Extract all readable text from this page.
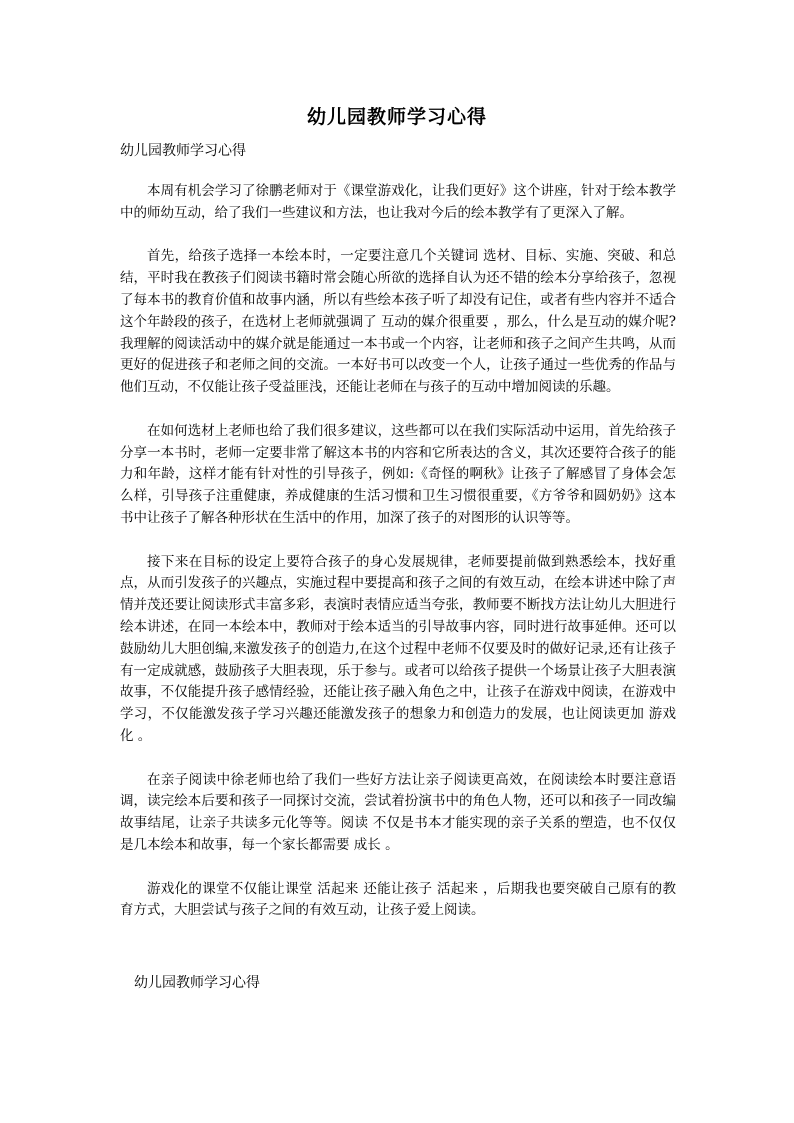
幼儿园教师学习心得
幼儿园教师学习心得

本周有机会学习了徐鹏老师对于《课堂游戏化，让我们更好》这个讲座，针对于绘本教学中的师幼互动，给了我们一些建议和方法，也让我对今后的绘本教学有了更深入了解。

首先，给孩子选择一本绘本时，一定要注意几个关键词 选材、目标、实施、突破、和总结，平时我在教孩子们阅读书籍时常会随心所欲的选择自认为还不错的绘本分享给孩子，忽视了每本书的教育价值和故事内涵，所以有些绘本孩子听了却没有记住，或者有些内容并不适合这个年龄段的孩子，在选材上老师就强调了 互动的媒介很重要 ，那么，什么是互动的媒介呢?我理解的阅读活动中的媒介就是能通过一本书或一个内容，让老师和孩子之间产生共鸣，从而更好的促进孩子和老师之间的交流。一本好书可以改变一个人，让孩子通过一些优秀的作品与他们互动，不仅能让孩子受益匪浅，还能让老师在与孩子的互动中增加阅读的乐趣。

在如何选材上老师也给了我们很多建议，这些都可以在我们实际活动中运用，首先给孩子分享一本书时，老师一定要非常了解这本书的内容和它所表达的含义，其次还要符合孩子的能力和年龄，这样才能有针对性的引导孩子，例如:《奇怪的啊秋》让孩子了解感冒了身体会怎么样，引导孩子注重健康，养成健康的生活习惯和卫生习惯很重要，《方爷爷和圆奶奶》这本书中让孩子了解各种形状在生活中的作用，加深了孩子的对图形的认识等等。

接下来在目标的设定上要符合孩子的身心发展规律，老师要提前做到熟悉绘本，找好重点，从而引发孩子的兴趣点，实施过程中要提高和孩子之间的有效互动，在绘本讲述中除了声情并茂还要让阅读形式丰富多彩，表演时表情应适当夸张，教师要不断找方法让幼儿大胆进行绘本讲述，在同一本绘本中，教师对于绘本适当的引导故事内容，同时进行故事延伸。还可以鼓励幼儿大胆创编,来激发孩子的创造力,在这个过程中老师不仅要及时的做好记录,还有让孩子有一定成就感，鼓励孩子大胆表现，乐于参与。或者可以给孩子提供一个场景让孩子大胆表演故事，不仅能提升孩子感情经验，还能让孩子融入角色之中，让孩子在游戏中阅读，在游戏中学习，不仅能激发孩子学习兴趣还能激发孩子的想象力和创造力的发展，也让阅读更加 游戏化 。

在亲子阅读中徐老师也给了我们一些好方法让亲子阅读更高效，在阅读绘本时要注意语调，读完绘本后要和孩子一同探讨交流，尝试着扮演书中的角色人物，还可以和孩子一同改编故事结尾，让亲子共读多元化等等。阅读 不仅是书本才能实现的亲子关系的塑造，也不仅仅是几本绘本和故事，每一个家长都需要 成长 。

游戏化的课堂不仅能让课堂 活起来 还能让孩子 活起来 ，后期我也要突破自己原有的教育方式，大胆尝试与孩子之间的有效互动，让孩子爱上阅读。

幼儿园教师学习心得
